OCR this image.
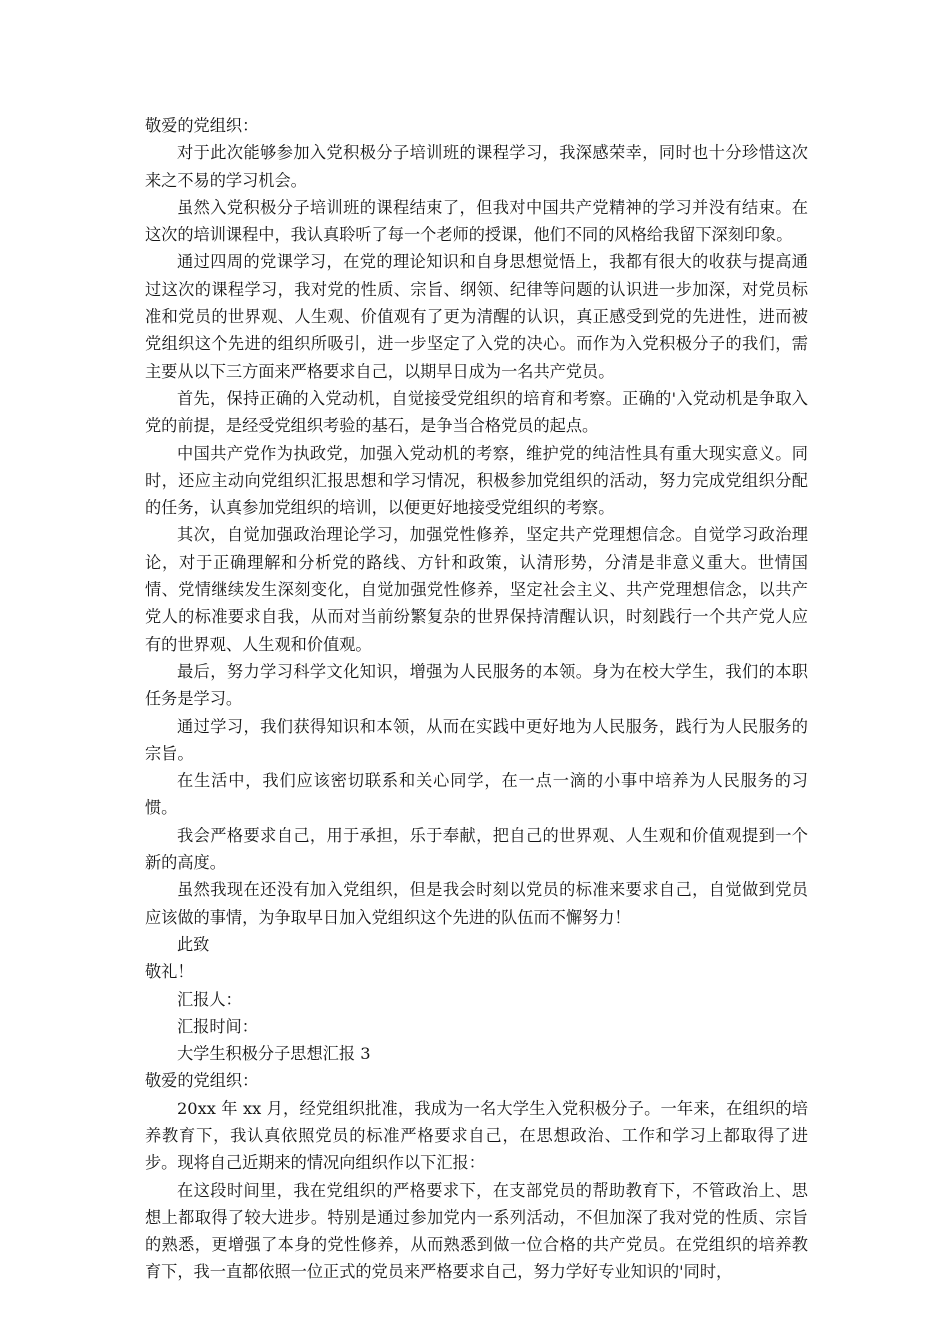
敬爱的党组织：

对于此次能够参加入党积极分子培训班的课程学习，我深感荣幸，同时也十分珍惜这次来之不易的学习机会。

虽然入党积极分子培训班的课程结束了，但我对中国共产党精神的学习并没有结束。在这次的培训课程中，我认真聆听了每一个老师的授课，他们不同的风格给我留下深刻印象。

通过四周的党课学习，在党的理论知识和自身思想觉悟上，我都有很大的收获与提高通过这次的课程学习，我对党的性质、宗旨、纲领、纪律等问题的认识进一步加深，对党员标准和党员的世界观、人生观、价值观有了更为清醒的认识，真正感受到党的先进性，进而被党组织这个先进的组织所吸引，进一步坚定了入党的决心。而作为入党积极分子的我们，需主要从以下三方面来严格要求自己，以期早日成为一名共产党员。

首先，保持正确的入党动机，自觉接受党组织的培育和考察。正确的'入党动机是争取入党的前提，是经受党组织考验的基石，是争当合格党员的起点。

中国共产党作为执政党，加强入党动机的考察，维护党的纯洁性具有重大现实意义。同时，还应主动向党组织汇报思想和学习情况，积极参加党组织的活动，努力完成党组织分配的任务，认真参加党组织的培训，以便更好地接受党组织的考察。

其次，自觉加强政治理论学习，加强党性修养，坚定共产党理想信念。自觉学习政治理论，对于正确理解和分析党的路线、方针和政策，认清形势，分清是非意义重大。世情国情、党情继续发生深刻变化，自觉加强党性修养，坚定社会主义、共产党理想信念，以共产党人的标准要求自我，从而对当前纷繁复杂的世界保持清醒认识，时刻践行一个共产党人应有的世界观、人生观和价值观。

最后，努力学习科学文化知识，增强为人民服务的本领。身为在校大学生，我们的本职任务是学习。

通过学习，我们获得知识和本领，从而在实践中更好地为人民服务，践行为人民服务的宗旨。

在生活中，我们应该密切联系和关心同学，在一点一滴的小事中培养为人民服务的习惯。

我会严格要求自己，用于承担，乐于奉献，把自己的世界观、人生观和价值观提到一个新的高度。

虽然我现在还没有加入党组织，但是我会时刻以党员的标准来要求自己，自觉做到党员应该做的事情，为争取早日加入党组织这个先进的队伍而不懈努力！

此致

敬礼！

汇报人：

汇报时间：

大学生积极分子思想汇报 3

敬爱的党组织：

20xx 年 xx 月，经党组织批准，我成为一名大学生入党积极分子。一年来，在组织的培养教育下，我认真依照党员的标准严格要求自己，在思想政治、工作和学习上都取得了进步。现将自己近期来的情况向组织作以下汇报：

在这段时间里，我在党组织的严格要求下，在支部党员的帮助教育下，不管政治上、思想上都取得了较大进步。特别是通过参加党内一系列活动，不但加深了我对党的性质、宗旨的熟悉，更增强了本身的党性修养，从而熟悉到做一位合格的共产党员。在党组织的培养教育下，我一直都依照一位正式的党员来严格要求自己，努力学好专业知识的'同时，
